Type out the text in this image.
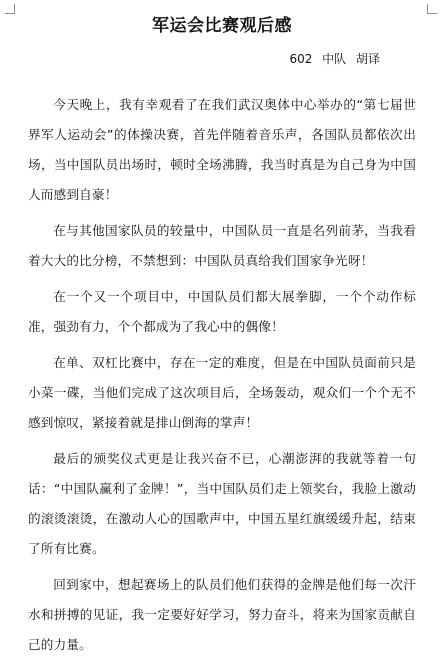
军运会比赛观后感
602 中队 胡译

今天晚上，我有幸观看了在我们武汉奥体中心举办的“第七届世界军人运动会”的体操决赛，首先伴随着音乐声，各国队员都依次出场，当中国队员出场时，顿时全场沸腾，我当时真是为自己身为中国人而感到自豪！

在与其他国家队员的较量中，中国队员一直是名列前茅，当我看着大大的比分榜，不禁想到：中国队员真给我们国家争光呀！

在一个又一个项目中，中国队员们都大展拳脚，一个个动作标准，强劲有力，个个都成为了我心中的偶像！

在单、双杠比赛中，存在一定的难度，但是在中国队员面前只是小菜一碟，当他们完成了这次项目后，全场轰动，观众们一个个无不感到惊叹，紧接着就是排山倒海的掌声！

最后的颁奖仪式更是让我兴奋不已，心潮澎湃的我就等着一句话：“中国队赢利了金牌！”，当中国队员们走上领奖台，我脸上激动的滚烫滚烫，在激动人心的国歌声中，中国五星红旗缓缓升起，结束了所有比赛。

回到家中，想起赛场上的队员们他们获得的金牌是他们每一次汗水和拼搏的见证，我一定要好好学习，努力奋斗，将来为国家贡献自己的力量。
